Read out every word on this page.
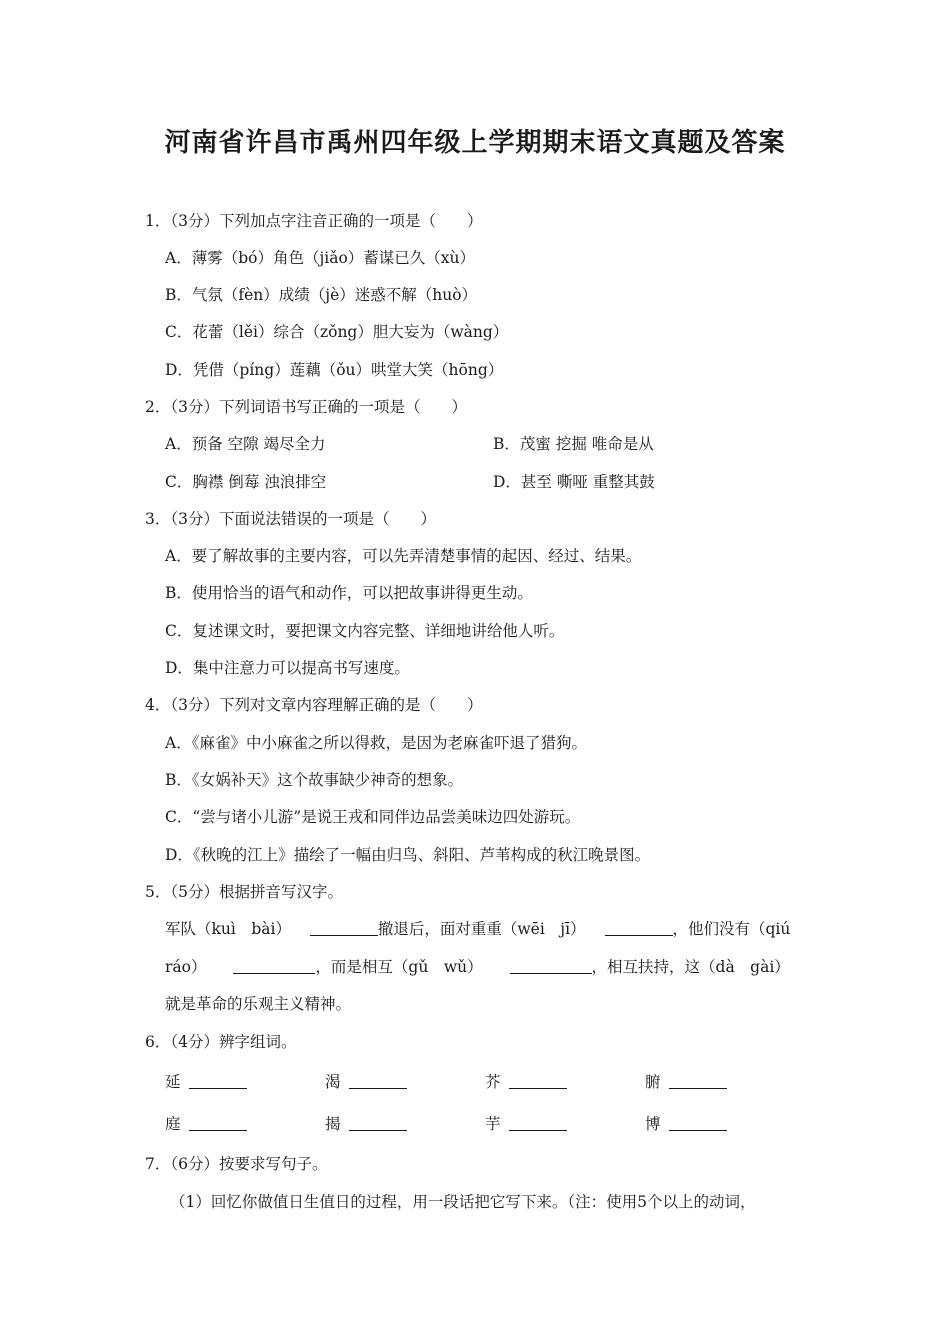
河南省许昌市禹州四年级上学期期末语文真题及答案
1．（3分）下列加点字注音正确的一项是（　　）
A．薄雾（bó）角色（jiǎo）蓄谋已久（xù）
B．气氛（fèn）成绩（jè）迷惑不解（huò）
C．花蕾（lěi）综合（zǒng）胆大妄为（wàng）
D．凭借（píng）莲藕（ǒu）哄堂大笑（hōng）
2．（3分）下列词语书写正确的一项是（　　）
A．预备 空隙 竭尽全力	B．茂蜜 挖掘 唯命是从
C．胸襟 倒莓 浊浪排空	D．甚至 嘶哑 重整其鼓
3．（3分）下面说法错误的一项是（　　）
A．要了解故事的主要内容，可以先弄清楚事情的起因、经过、结果。
B．使用恰当的语气和动作，可以把故事讲得更生动。
C．复述课文时，要把课文内容完整、详细地讲给他人听。
D．集中注意力可以提高书写速度。
4．（3分）下列对文章内容理解正确的是（　　）
A．《麻雀》中小麻雀之所以得救，是因为老麻雀吓退了猎狗。
B．《女娲补天》这个故事缺少神奇的想象。
C．“尝与诸小儿游”是说王戎和同伴边品尝美味边四处游玩。
D．《秋晚的江上》描绘了一幅由归鸟、斜阳、芦苇构成的秋江晚景图。
5．（5分）根据拼音写汉字。
军队（kuì　bài）	撤退后，面对重重（wēi　jī）	，他们没有（qiú
ráo）	，而是相互（gǔ　wǔ）	，相互扶持，这（dà　gài）
就是革命的乐观主义精神。
6．（4分）辨字组词。
延	渴	芥	腑
庭	揭	芋	博
7．（6分）按要求写句子。
（1）回忆你做值日生值日的过程，用一段话把它写下来。（注：使用5个以上的动词，
